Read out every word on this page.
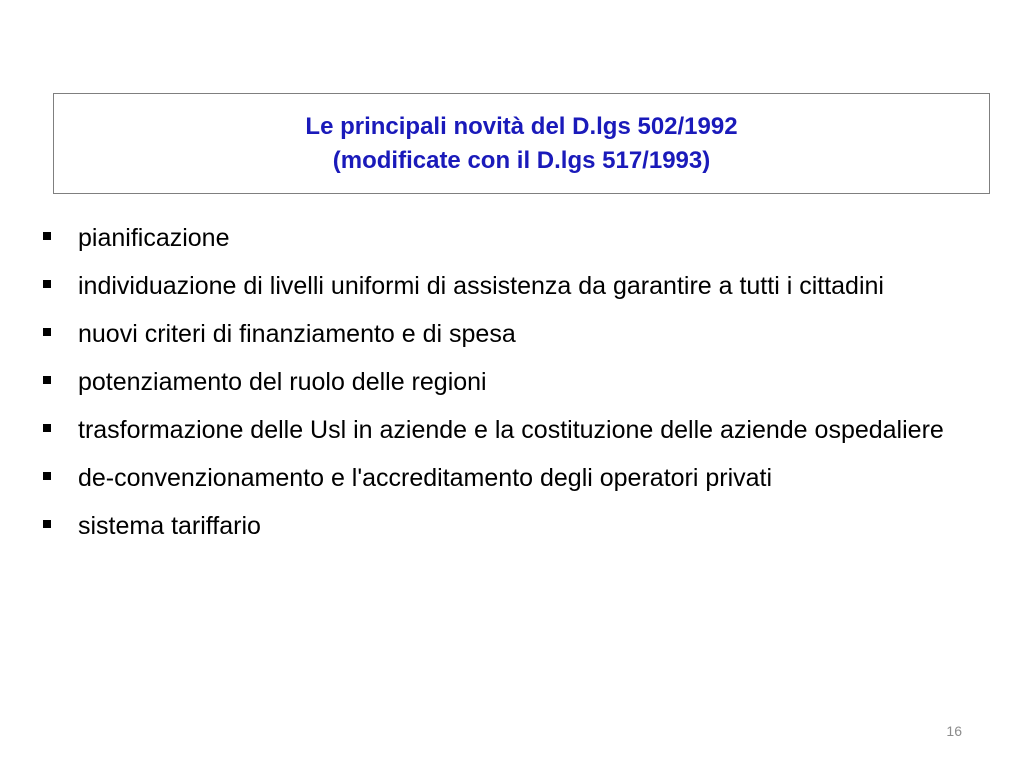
Le principali novità del D.lgs 502/1992
(modificate con il D.lgs 517/1993)
pianificazione
individuazione di livelli uniformi di assistenza da garantire a tutti i cittadini
nuovi criteri di finanziamento e di spesa
potenziamento del ruolo delle regioni
trasformazione delle Usl in aziende e la costituzione delle aziende ospedaliere
de-convenzionamento e l'accreditamento degli operatori privati
sistema tariffario
16
